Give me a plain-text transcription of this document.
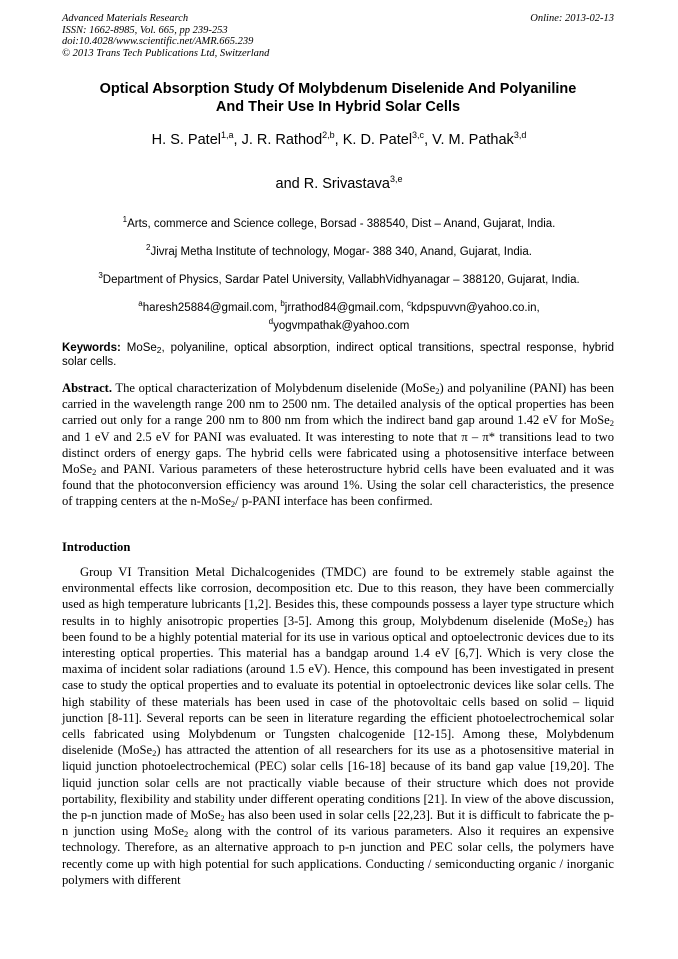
Advanced Materials Research
ISSN: 1662-8985, Vol. 665, pp 239-253
doi:10.4028/www.scientific.net/AMR.665.239
© 2013 Trans Tech Publications Ltd, Switzerland
Online: 2013-02-13
Optical Absorption Study Of Molybdenum Diselenide And Polyaniline
And Their Use In Hybrid Solar Cells
H. S. Patel$^{1,a}$, J. R. Rathod$^{2,b}$, K. D. Patel$^{3,c}$, V. M. Pathak$^{3,d}$
and R. Srivastava$^{3,e}$
$^1$Arts, commerce and Science college, Borsad - 388540, Dist – Anand, Gujarat, India.
$^2$Jivraj Metha Institute of technology, Mogar- 388 340, Anand, Gujarat, India.
$^3$Department of Physics, Sardar Patel University, VallabhVidhyanagar – 388120, Gujarat, India.
$^a$haresh25884@gmail.com, $^b$jrrathod84@gmail.com, $^c$kdpspuvvn@yahoo.co.in,
$^d$yogvmpathak@yahoo.com
Keywords: MoSe$_2$, polyaniline, optical absorption, indirect optical transitions, spectral response, hybrid solar cells.
Abstract. The optical characterization of Molybdenum diselenide (MoSe$_2$) and polyaniline (PANI) has been carried in the wavelength range 200 nm to 2500 nm. The detailed analysis of the optical properties has been carried out only for a range 200 nm to 800 nm from which the indirect band gap around 1.42 eV for MoSe$_2$ and 1 eV and 2.5 eV for PANI was evaluated. It was interesting to note that π – π* transitions lead to two distinct orders of energy gaps. The hybrid cells were fabricated using a photosensitive interface between MoSe$_2$ and PANI. Various parameters of these heterostructure hybrid cells have been evaluated and it was found that the photoconversion efficiency was around 1%. Using the solar cell characteristics, the presence of trapping centers at the n-MoSe$_2$/ p-PANI interface has been confirmed.
Introduction
Group VI Transition Metal Dichalcogenides (TMDC) are found to be extremely stable against the environmental effects like corrosion, decomposition etc. Due to this reason, they have been commercially used as high temperature lubricants [1,2]. Besides this, these compounds possess a layer type structure which results in to highly anisotropic properties [3-5]. Among this group, Molybdenum diselenide (MoSe$_2$) has been found to be a highly potential material for its use in various optical and optoelectronic devices due to its interesting optical properties. This material has a bandgap around 1.4 eV [6,7]. Which is very close the maxima of incident solar radiations (around 1.5 eV). Hence, this compound has been investigated in present case to study the optical properties and to evaluate its potential in optoelectronic devices like solar cells. The high stability of these materials has been used in case of the photovoltaic cells based on solid – liquid junction [8-11]. Several reports can be seen in literature regarding the efficient photoelectrochemical solar cells fabricated using Molybdenum or Tungsten chalcogenide [12-15]. Among these, Molybdenum diselenide (MoSe$_2$) has attracted the attention of all researchers for its use as a photosensitive material in liquid junction photoelectrochemical (PEC) solar cells [16-18] because of its band gap value [19,20]. The liquid junction solar cells are not practically viable because of their structure which does not provide portability, flexibility and stability under different operating conditions [21]. In view of the above discussion, the p-n junction made of MoSe$_2$ has also been used in solar cells [22,23]. But it is difficult to fabricate the p-n junction using MoSe$_2$ along with the control of its various parameters. Also it requires an expensive technology. Therefore, as an alternative approach to p-n junction and PEC solar cells, the polymers have recently come up with high potential for such applications. Conducting / semiconducting organic / inorganic polymers with different
